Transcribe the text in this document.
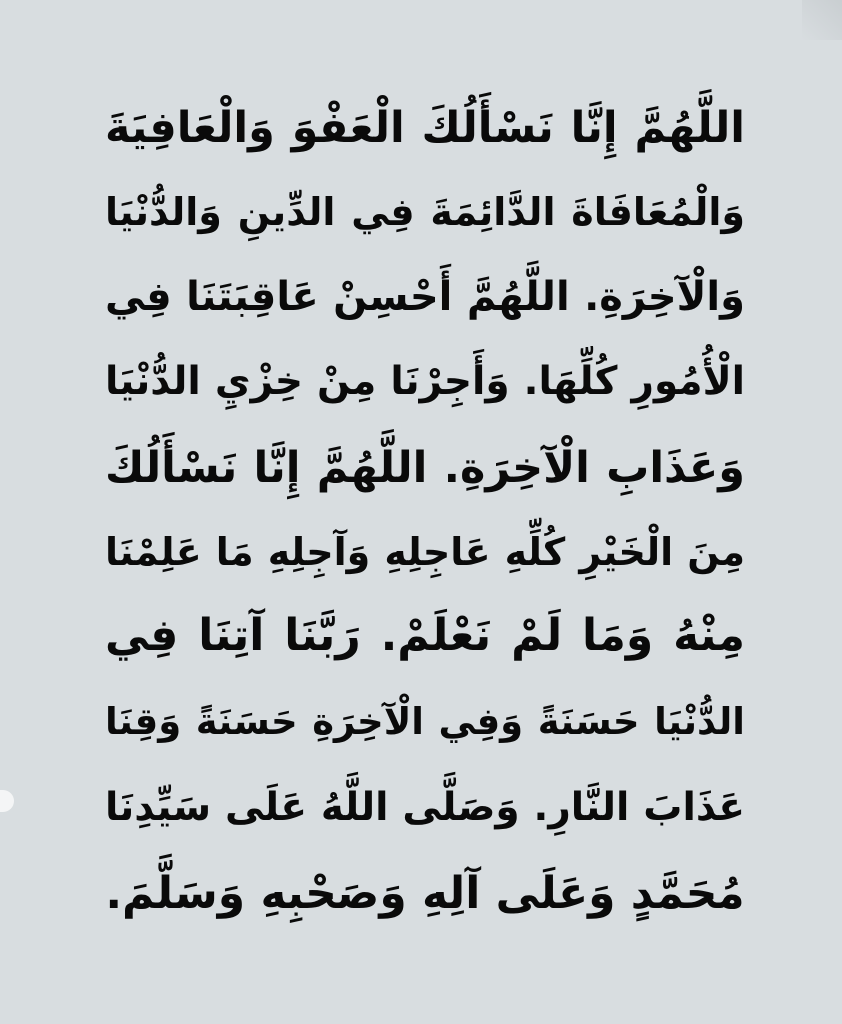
اللَّهُمَّ إِنَّا نَسْأَلُكَ الْعَفْوَ وَالْعَافِيَةَ
وَالْمُعَافَاةَ الدَّائِمَةَ فِي الدِّينِ وَالدُّنْيَا
وَالْآخِرَةِ. اللَّهُمَّ أَحْسِنْ عَاقِبَتَنَا فِي
الْأُمُورِ كُلِّهَا. وَأَجِرْنَا مِنْ خِزْيِ الدُّنْيَا
وَعَذَابِ الْآخِرَةِ. اللَّهُمَّ إِنَّا نَسْأَلُكَ
مِنَ الْخَيْرِ كُلِّهِ عَاجِلِهِ وَآجِلِهِ مَا عَلِمْنَا
مِنْهُ وَمَا لَمْ نَعْلَمْ. رَبَّنَا آتِنَا فِي
الدُّنْيَا حَسَنَةً وَفِي الْآخِرَةِ حَسَنَةً وَقِنَا
عَذَابَ النَّارِ. وَصَلَّى اللَّهُ عَلَى سَيِّدِنَا
مُحَمَّدٍ وَعَلَى آلِهِ وَصَحْبِهِ وَسَلَّمَ.
